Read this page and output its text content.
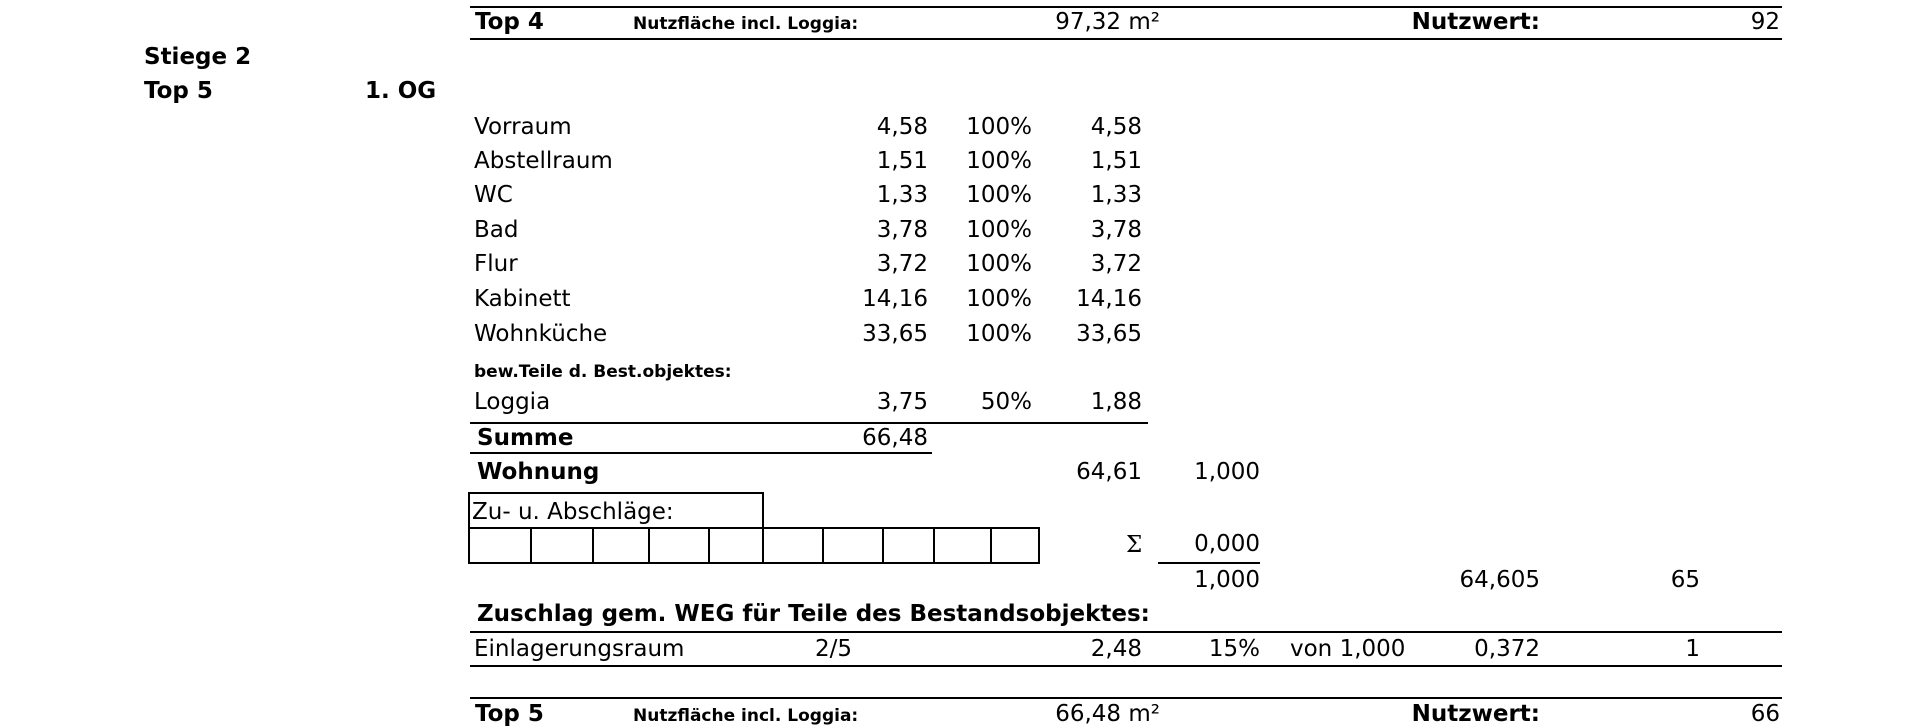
Top 4	Nutzfläche incl. Loggia:	97,32 m²	Nutzwert:	92
Stiege 2
Top 5	1. OG
Vorraum	4,58	100%	4,58
Abstellraum	1,51	100%	1,51
WC	1,33	100%	1,33
Bad	3,78	100%	3,78
Flur	3,72	100%	3,72
Kabinett	14,16	100%	14,16
Wohnküche	33,65	100%	33,65
bew.Teile d. Best.objektes:
Loggia	3,75	50%	1,88
Summe	66,48
Wohnung	64,61	1,000
Zu- u. Abschläge:
Σ	0,000
1,000	64,605	65
Zuschlag gem. WEG für Teile des Bestandsobjektes:
Einlagerungsraum	2/5	2,48	15% von 1,000	0,372	1
Top 5	Nutzfläche incl. Loggia:	66,48 m²	Nutzwert:	66
